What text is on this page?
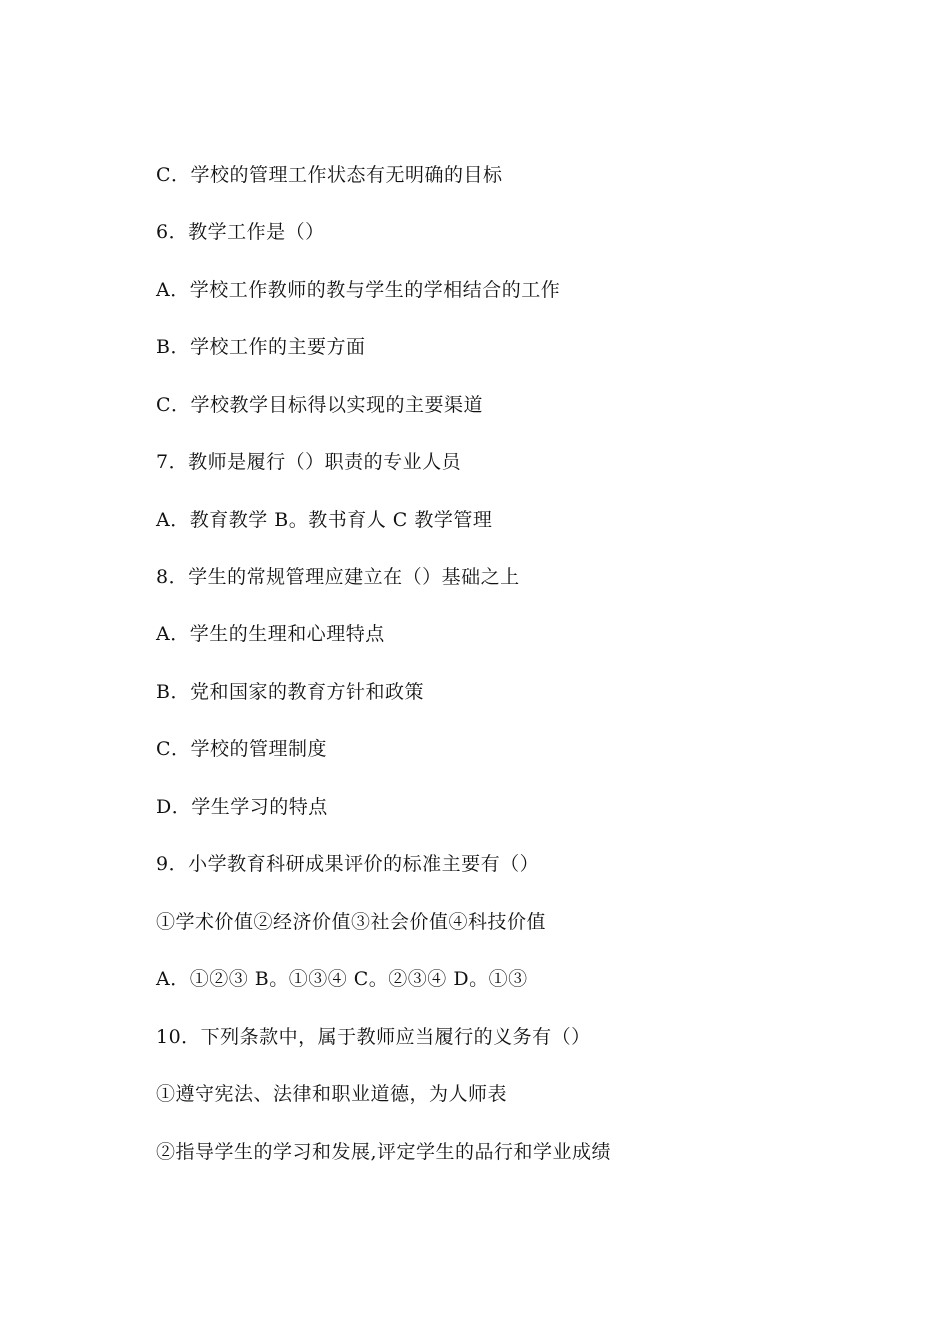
C．学校的管理工作状态有无明确的目标

6．教学工作是（）

A．学校工作教师的教与学生的学相结合的工作

B．学校工作的主要方面

C．学校教学目标得以实现的主要渠道

7．教师是履行（）职责的专业人员

A．教育教学 B。教书育人 C 教学管理

8．学生的常规管理应建立在（）基础之上

A．学生的生理和心理特点

B．党和国家的教育方针和政策

C．学校的管理制度

D．学生学习的特点

9．小学教育科研成果评价的标准主要有（）

①学术价值②经济价值③社会价值④科技价值

A．①②③ B。①③④ C。②③④ D。①③

10．下列条款中，属于教师应当履行的义务有（）

①遵守宪法、法律和职业道德，为人师表

②指导学生的学习和发展,评定学生的品行和学业成绩
